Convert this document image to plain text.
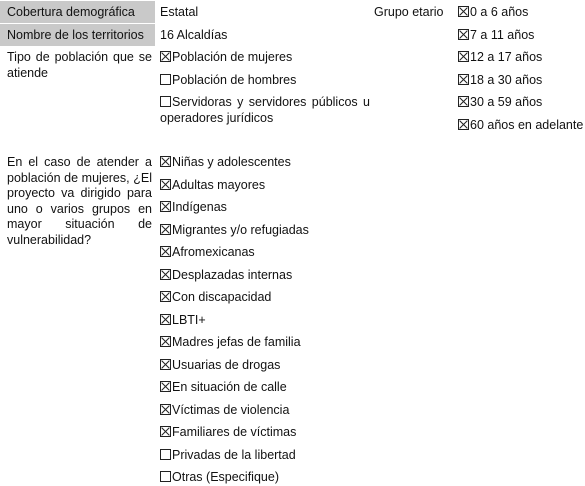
Cobertura demográfica
Nombre de los territorios
Estatal	Grupo etario
16 Alcaldías
0 a 6 años
7 a 11 años
12 a 17 años
18 a 30 años
30 a 59 años
60 años en adelante
Tipo de población que se atiende
Población de mujeres
Población de hombres
Servidoras y servidores públicos u operadores jurídicos
En el caso de atender a población de mujeres, ¿El proyecto va dirigido para uno o varios grupos en mayor situación de vulnerabilidad?
Niñas y adolescentes
Adultas mayores
Indígenas
Migrantes y/o refugiadas
Afromexicanas
Desplazadas internas
Con discapacidad
LBTI+
Madres jefas de familia
Usuarias de drogas
En situación de calle
Víctimas de violencia
Familiares de víctimas
Privadas de la libertad
Otras (Especifique)
